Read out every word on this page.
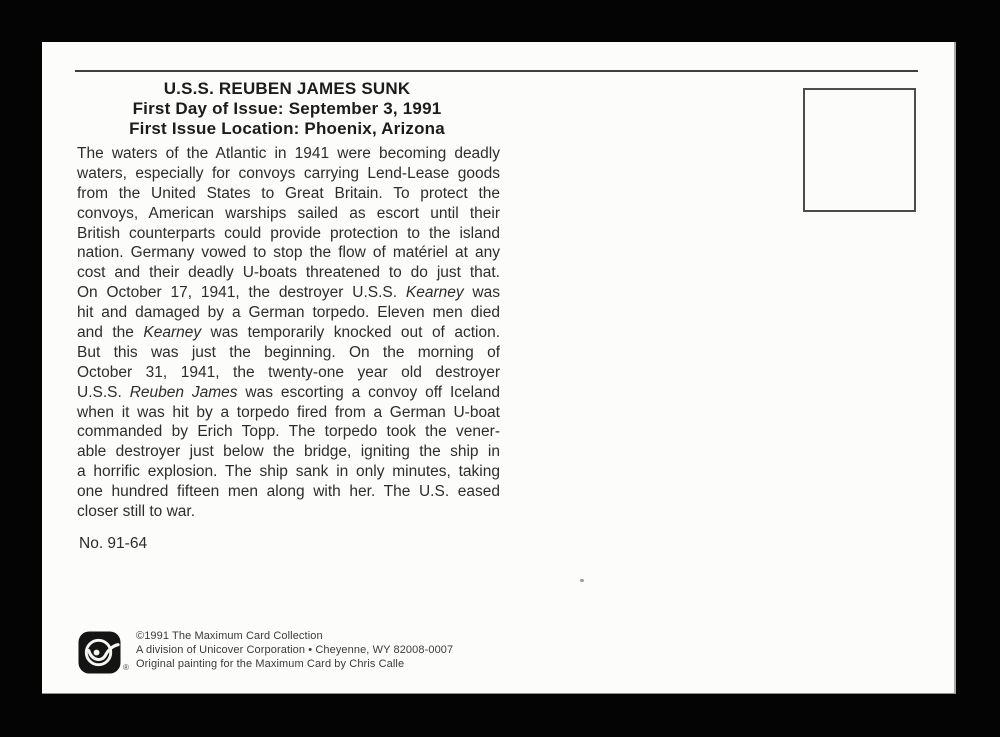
U.S.S. REUBEN JAMES SUNK
First Day of Issue: September 3, 1991
First Issue Location: Phoenix, Arizona
The waters of the Atlantic in 1941 were becoming deadly
waters, especially for convoys carrying Lend-Lease goods
from the United States to Great Britain. To protect the
convoys, American warships sailed as escort until their
British counterparts could provide protection to the island
nation. Germany vowed to stop the flow of matériel at any
cost and their deadly U-boats threatened to do just that.
On October 17, 1941, the destroyer U.S.S. Kearney was
hit and damaged by a German torpedo. Eleven men died
and the Kearney was temporarily knocked out of action.
But this was just the beginning. On the morning of
October 31, 1941, the twenty-one year old destroyer
U.S.S. Reuben James was escorting a convoy off Iceland
when it was hit by a torpedo fired from a German U-boat
commanded by Erich Topp. The torpedo took the vener-
able destroyer just below the bridge, igniting the ship in
a horrific explosion. The ship sank in only minutes, taking
one hundred fifteen men along with her. The U.S. eased
closer still to war.
No. 91-64
®
©1991 The Maximum Card Collection
A division of Unicover Corporation • Cheyenne, WY 82008-0007
Original painting for the Maximum Card by Chris Calle
